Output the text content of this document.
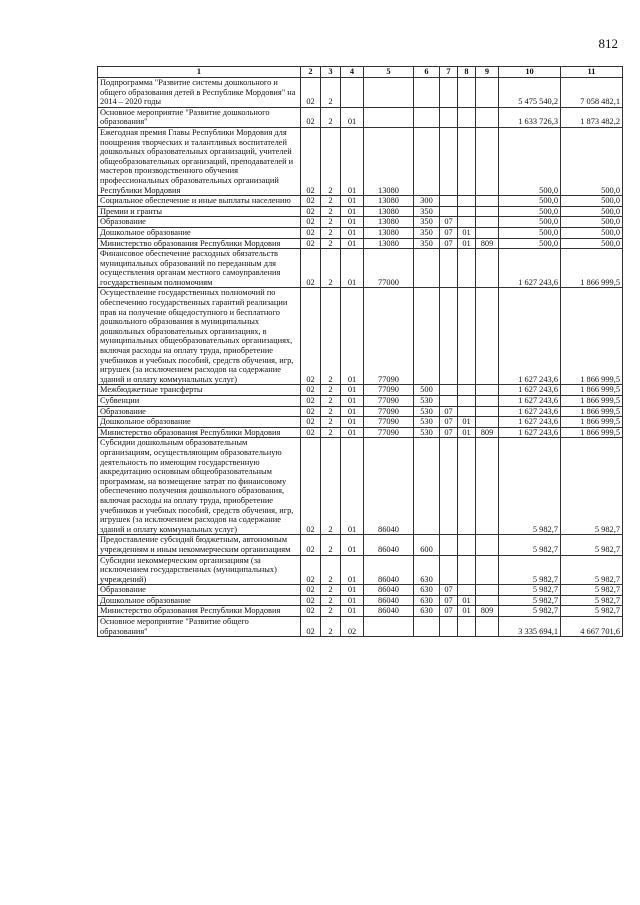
812
1	2	3	4	5	6	7	8	9	10	11
Подпрограмма "Развитие системы дошкольного и общего образования детей в Республике Мордовия" на 2014 – 2020 годы	02	2							5 475 540,2	7 058 482,1
Основное мероприятие "Развитие дошкольного образования"	02	2	01						1 633 726,3	1 873 482,2
Ежегодная премия Главы Республики Мордовия для поощрения творческих и талантливых воспитателей дошкольных образовательных организаций, учителей общеобразовательных организаций, преподавателей и мастеров производственного обучения профессиональных образовательных организаций Республики Мордовия	02	2	01	13080					500,0	500,0
Социальное обеспечение и иные выплаты населению	02	2	01	13080	300				500,0	500,0
Премии и гранты	02	2	01	13080	350				500,0	500,0
Образование	02	2	01	13080	350	07			500,0	500,0
Дошкольное образование	02	2	01	13080	350	07	01		500,0	500,0
Министерство образования Республики Мордовия	02	2	01	13080	350	07	01	809	500,0	500,0
Финансовое обеспечение расходных обязательств муниципальных образований по переданным для осуществления органам местного самоуправления государственным полномочиям	02	2	01	77000					1 627 243,6	1 866 999,5
Осуществление государственных полномочий по обеспечению государственных гарантий реализации прав на получение общедоступного и бесплатного дошкольного образования в муниципальных дошкольных образовательных организациях, в муниципальных общеобразовательных организациях, включая расходы на оплату труда, приобретение учебников и учебных пособий, средств обучения, игр, игрушек (за исключением расходов на содержание зданий и оплату коммунальных услуг)	02	2	01	77090					1 627 243,6	1 866 999,5
Межбюджетные трансферты	02	2	01	77090	500				1 627 243,6	1 866 999,5
Субвенции	02	2	01	77090	530				1 627 243,6	1 866 999,5
Образование	02	2	01	77090	530	07			1 627 243,6	1 866 999,5
Дошкольное образование	02	2	01	77090	530	07	01		1 627 243,6	1 866 999,5
Министерство образования Республики Мордовия	02	2	01	77090	530	07	01	809	1 627 243,6	1 866 999,5
Субсидии дошкольным образовательным организациям, осуществляющим образовательную деятельность по имеющим государственную аккредитацию основным общеобразовательным программам, на возмещение затрат по финансовому обеспечению получения дошкольного образования, включая расходы на оплату труда, приобретение учебников и учебных пособий, средств обучения, игр, игрушек (за исключением расходов на содержание зданий и оплату коммунальных услуг)	02	2	01	86040					5 982,7	5 982,7
Предоставление субсидий бюджетным, автономным учреждениям и иным некоммерческим организациям	02	2	01	86040	600				5 982,7	5 982,7
Субсидии некоммерческим организациям (за исключением государственных (муниципальных) учреждений)	02	2	01	86040	630				5 982,7	5 982,7
Образование	02	2	01	86040	630	07			5 982,7	5 982,7
Дошкольное образование	02	2	01	86040	630	07	01		5 982,7	5 982,7
Министерство образования Республики Мордовия	02	2	01	86040	630	07	01	809	5 982,7	5 982,7
Основное мероприятие "Развитие общего образования"	02	2	02						3 335 694,1	4 667 701,6
